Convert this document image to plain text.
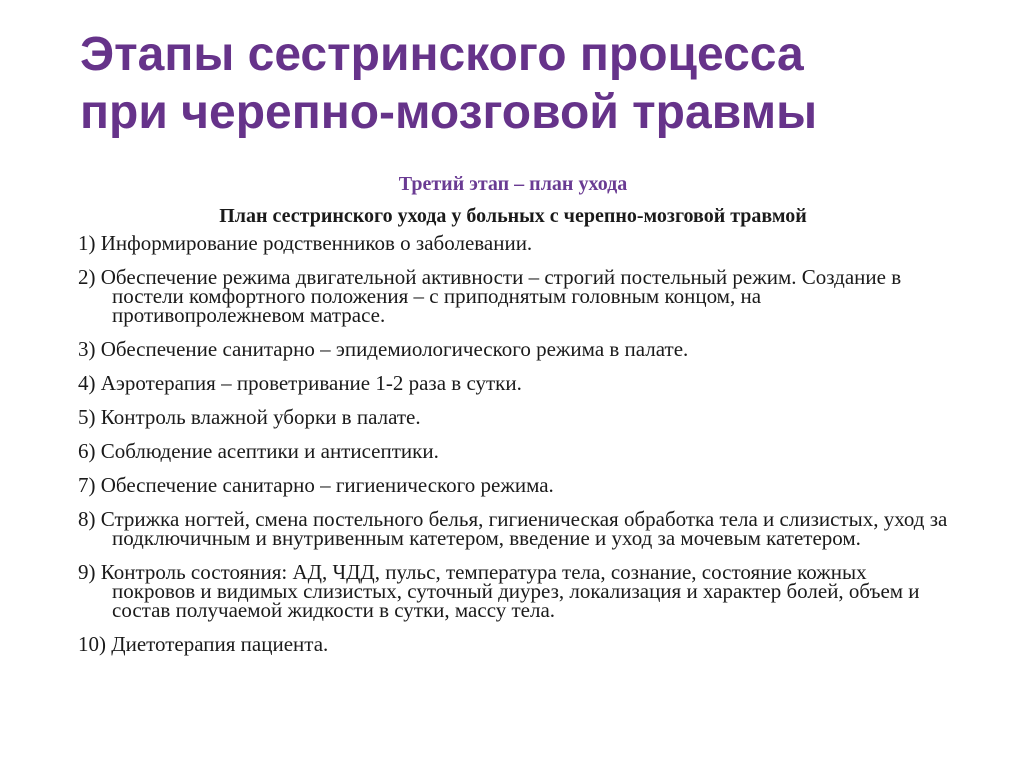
Этапы сестринского процесса
при черепно-мозговой травмы
Третий этап – план ухода
План сестринского ухода у больных с черепно-мозговой травмой
1) Информирование родственников о заболевании.
2) Обеспечение режима двигательной активности – строгий постельный режим. Создание в постели комфортного положения – с приподнятым головным концом, на противопролежневом матрасе.
3) Обеспечение санитарно – эпидемиологического режима в палате.
4) Аэротерапия – проветривание 1-2 раза в сутки.
5) Контроль влажной уборки в палате.
6) Соблюдение асептики и антисептики.
7) Обеспечение санитарно – гигиенического режима.
8) Стрижка ногтей, смена постельного белья, гигиеническая обработка тела и слизистых, уход за подключичным и внутривенным катетером, введение и уход за мочевым катетером.
9) Контроль состояния: АД, ЧДД, пульс, температура тела, сознание, состояние кожных покровов и видимых слизистых, суточный диурез, локализация и характер болей, объем и состав получаемой жидкости в сутки, массу тела.
10) Диетотерапия пациента.
